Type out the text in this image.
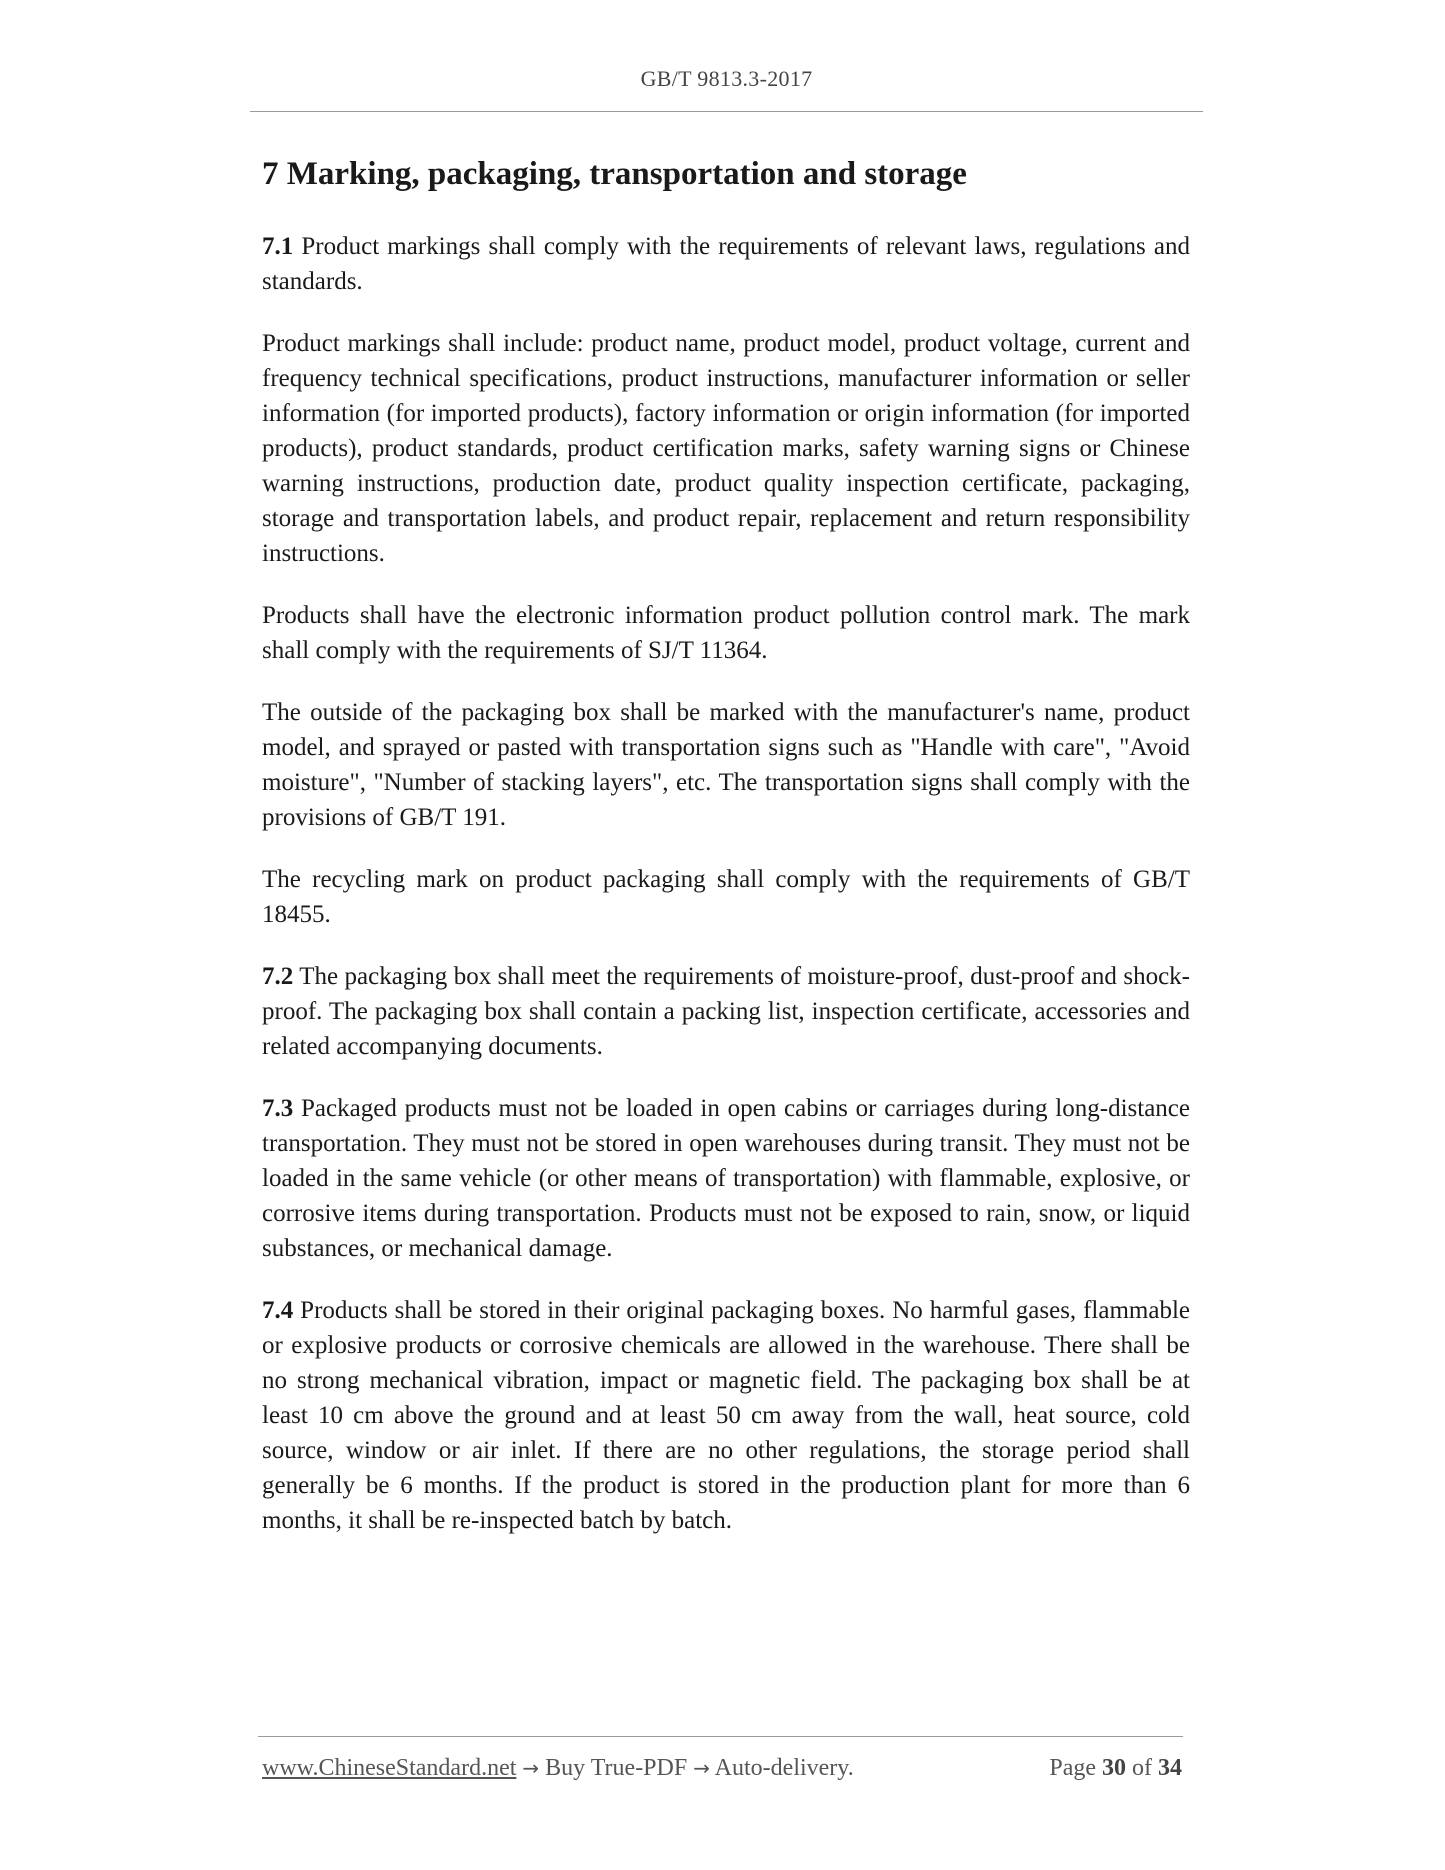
GB/T 9813.3-2017
7 Marking, packaging, transportation and storage

7.1 Product markings shall comply with the requirements of relevant laws, regulations and standards.

Product markings shall include: product name, product model, product voltage, current and frequency technical specifications, product instructions, manufacturer information or seller information (for imported products), factory information or origin information (for imported products), product standards, product certification marks, safety warning signs or Chinese warning instructions, production date, product quality inspection certificate, packaging, storage and transportation labels, and product repair, replacement and return responsibility instructions.

Products shall have the electronic information product pollution control mark. The mark shall comply with the requirements of SJ/T 11364.

The outside of the packaging box shall be marked with the manufacturer's name, product model, and sprayed or pasted with transportation signs such as "Handle with care", "Avoid moisture", "Number of stacking layers", etc. The transportation signs shall comply with the provisions of GB/T 191.

The recycling mark on product packaging shall comply with the requirements of GB/T 18455.

7.2 The packaging box shall meet the requirements of moisture-proof, dust-proof and shock-proof. The packaging box shall contain a packing list, inspection certificate, accessories and related accompanying documents.

7.3 Packaged products must not be loaded in open cabins or carriages during long-distance transportation. They must not be stored in open warehouses during transit. They must not be loaded in the same vehicle (or other means of transportation) with flammable, explosive, or corrosive items during transportation. Products must not be exposed to rain, snow, or liquid substances, or mechanical damage.

7.4 Products shall be stored in their original packaging boxes. No harmful gases, flammable or explosive products or corrosive chemicals are allowed in the warehouse. There shall be no strong mechanical vibration, impact or magnetic field. The packaging box shall be at least 10 cm above the ground and at least 50 cm away from the wall, heat source, cold source, window or air inlet. If there are no other regulations, the storage period shall generally be 6 months. If the product is stored in the production plant for more than 6 months, it shall be re-inspected batch by batch.

www.ChineseStandard.net → Buy True-PDF → Auto-delivery.	Page 30 of 34
